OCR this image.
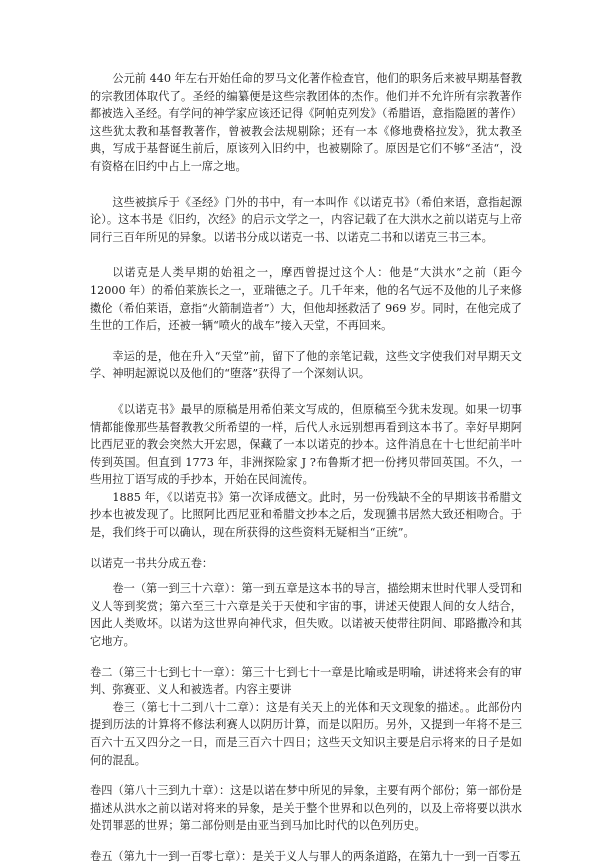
公元前 440 年左右开始任命的罗马文化著作检查官，他们的职务后来被早期基督教的宗教团体取代了。圣经的编纂便是这些宗教团体的杰作。他们并不允许所有宗教著作都被选入圣经。有学问的神学家应该还记得《阿帕克列发》（希腊语，意指隐匿的著作）这些犹太教和基督教著作，曾被教会法规剔除；还有一本《修地费格拉发》，犹太教圣典，写成于基督诞生前后，原该列入旧约中，也被剔除了。原因是它们不够“圣洁“，没有资格在旧约中占上一席之地。

这些被摈斥于《圣经》门外的书中，有一本叫作《以诺克书》（希伯来语，意指起源论）。这本书是《旧约，次经》的启示文学之一，内容记载了在大洪水之前以诺克与上帝同行三百年所见的异象。以诺书分成以诺克一书、以诺克二书和以诺克三书三本。

以诺克是人类早期的始祖之一，摩西曾提过这个人：他是“大洪水”之前（距今 12000 年）的希伯莱族长之一，亚瑞德之子。几千年来，他的名气远不及他的儿子来修擞伦（希伯莱语，意指“火箭制造者”）大，但他却拯救活了 969 岁。同时，在他完成了生世的工作后，还被一辆“喷火的战车”接入天堂，不再回来。

幸运的是，他在升入“天堂”前，留下了他的亲笔记载，这些文字使我们对早期天文学、神明起源说以及他们的“堕落”获得了一个深刻认识。

《以诺克书》最早的原稿是用希伯莱文写成的，但原稿至今犹未发现。如果一切事情都能像那些基督教教父所希望的一样，后代人永远别想再看到这本书了。幸好早期阿比西尼亚的教会突然大开宏恩，保藏了一本以诺克的抄本。这件消息在十七世纪前半叶传到英国。但直到 1773 年，非洲探险家 J ?布鲁斯才把一份拷贝带回英国。不久，一些用拉丁语写成的手抄本，开始在民间流传。

1885 年，《以诺克书》第一次译成德文。此时，另一份残缺不全的早期该书希腊文抄本也被发现了。比照阿比西尼亚和希腊文抄本之后，发现獯书居然大致还相吻合。于是，我们终于可以确认，现在所获得的这些资料无疑相当“正统”。

以诺克一书共分成五卷：

卷一（第一到三十六章）：第一到五章是这本书的导言，描绘期末世时代罪人受罚和义人等到奖赏；第六至三十六章是关于天使和宇宙的事，讲述天使跟人间的女人结合，因此人类败坏。以诺为这世界向神代求，但失败。以诺被天使带往阴间、耶路撒冷和其它地方。

卷二（第三十七到七十一章）：第三十七到七十一章是比喻或是明喻，讲述将来会有的审判、弥赛亚、义人和被选者。内容主要讲

卷三（第七十二到八十二章）：这是有关天上的光体和天文现象的描述。。此部份内提到历法的计算将不修法利赛人以阴历计算，而是以阳历。另外，又提到一年将不是三百六十五又四分之一日，而是三百六十四日；这些天文知识主要是启示将来的日子是如何的混乱。

卷四（第八十三到九十章）：这是以诺在梦中所见的异象，主要有两个部份；第一部份是描述从洪水之前以诺对将来的异象，是关于整个世界和以色列的，以及上帝将要以洪水处罚罪恶的世界；第二部份则是由亚当到马加比时代的以色列历史。

卷五（第九十一到一百零七章）：是关于义人与罪人的两条道路，在第九十一到一百零五
